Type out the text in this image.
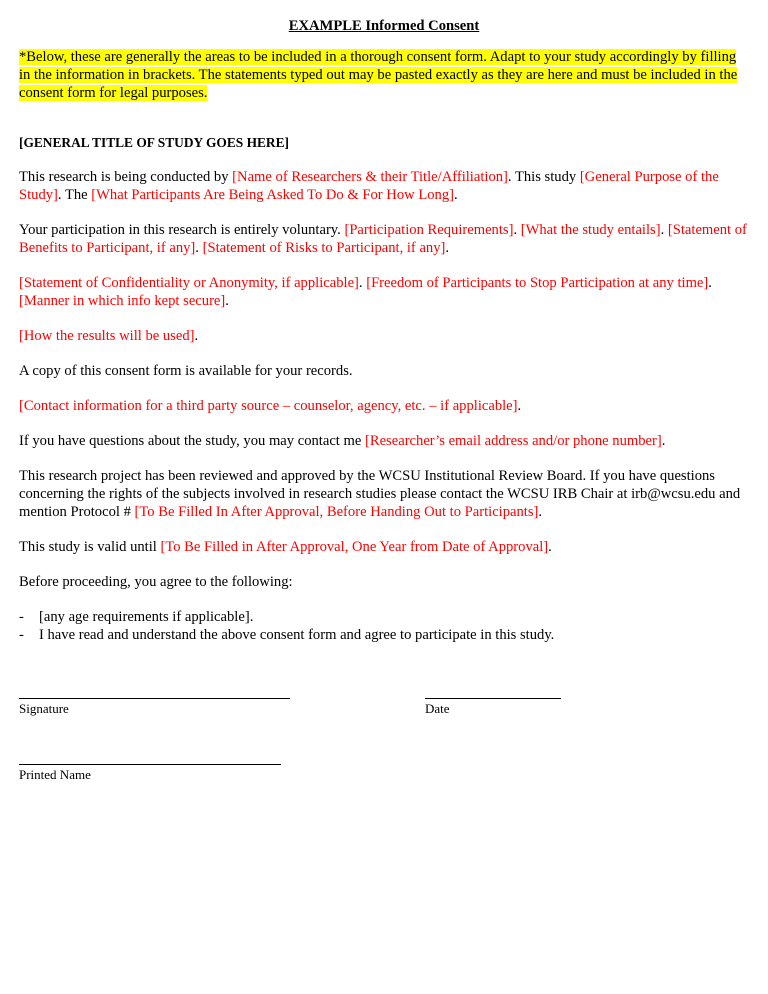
EXAMPLE Informed Consent

*Below, these are generally the areas to be included in a thorough consent form. Adapt to your study accordingly by filling in the information in brackets. The statements typed out may be pasted exactly as they are here and must be included in the consent form for legal purposes.

[GENERAL TITLE OF STUDY GOES HERE]

This research is being conducted by [Name of Researchers & their Title/Affiliation]. This study [General Purpose of the Study]. The [What Participants Are Being Asked To Do & For How Long].

Your participation in this research is entirely voluntary. [Participation Requirements]. [What the study entails]. [Statement of Benefits to Participant, if any]. [Statement of Risks to Participant, if any].

[Statement of Confidentiality or Anonymity, if applicable]. [Freedom of Participants to Stop Participation at any time]. [Manner in which info kept secure].

[How the results will be used].

A copy of this consent form is available for your records.

[Contact information for a third party source – counselor, agency, etc. – if applicable].

If you have questions about the study, you may contact me [Researcher’s email address and/or phone number].

This research project has been reviewed and approved by the WCSU Institutional Review Board. If you have questions concerning the rights of the subjects involved in research studies please contact the WCSU IRB Chair at irb@wcsu.edu and mention Protocol # [To Be Filled In After Approval, Before Handing Out to Participants].

This study is valid until [To Be Filled in After Approval, One Year from Date of Approval].

Before proceeding, you agree to the following:

- [any age requirements if applicable].
- I have read and understand the above consent form and agree to participate in this study.
Signature	Date
Printed Name
